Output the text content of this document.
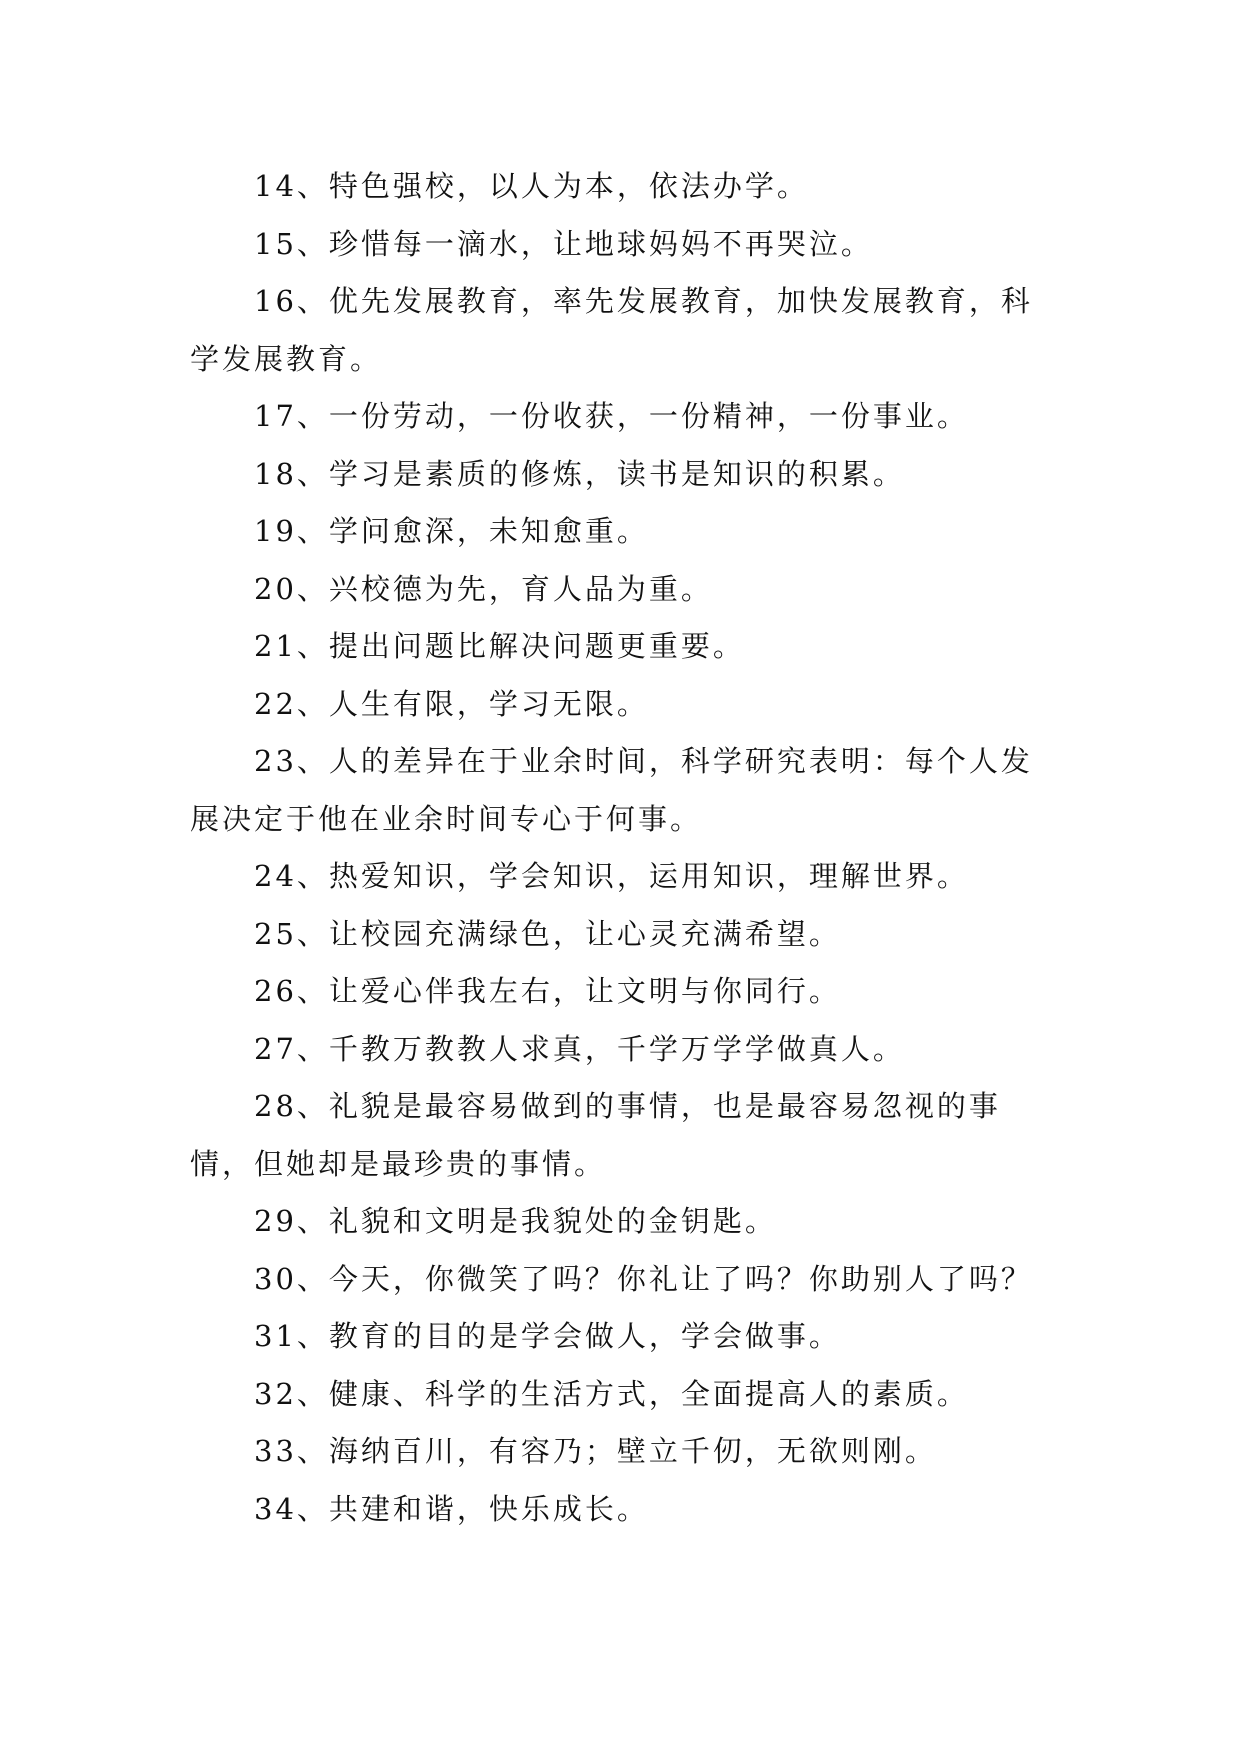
14、特色强校，以人为本，依法办学。

15、珍惜每一滴水，让地球妈妈不再哭泣。

16、优先发展教育，率先发展教育，加快发展教育，科学发展教育。

17、一份劳动，一份收获，一份精神，一份事业。

18、学习是素质的修炼，读书是知识的积累。

19、学问愈深，未知愈重。

20、兴校德为先，育人品为重。

21、提出问题比解决问题更重要。

22、人生有限，学习无限。

23、人的差异在于业余时间，科学研究表明：每个人发展决定于他在业余时间专心于何事。

24、热爱知识，学会知识，运用知识，理解世界。

25、让校园充满绿色，让心灵充满希望。

26、让爱心伴我左右，让文明与你同行。

27、千教万教教人求真，千学万学学做真人。

28、礼貌是最容易做到的事情，也是最容易忽视的事情，但她却是最珍贵的事情。

29、礼貌和文明是我貌处的金钥匙。

30、今天，你微笑了吗？你礼让了吗？你助别人了吗？

31、教育的目的是学会做人，学会做事。

32、健康、科学的生活方式，全面提高人的素质。

33、海纳百川，有容乃；壁立千仞，无欲则刚。

34、共建和谐，快乐成长。
